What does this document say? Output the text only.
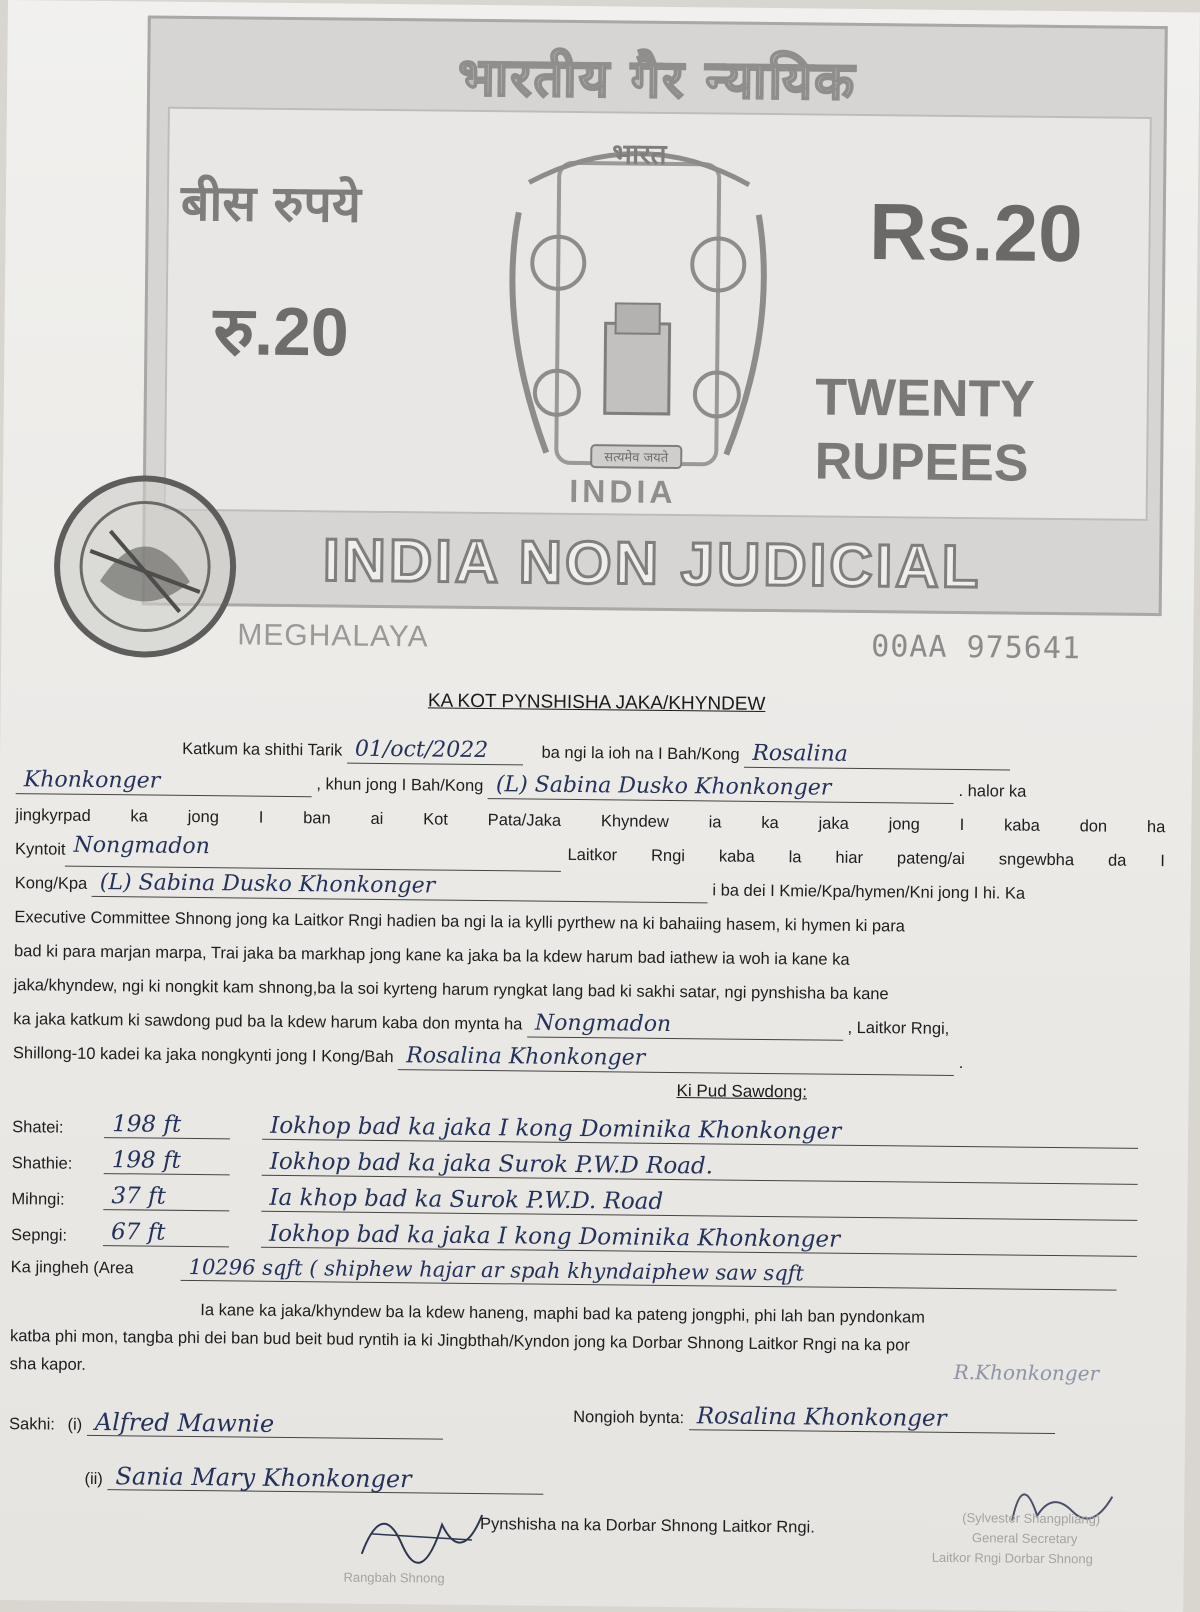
भारतीय गैर न्यायिक
बीस रुपये
रु.20
सत्यमेव जयते
भारत
INDIA
Rs.20
TWENTY
RUPEES
INDIA NON JUDICIAL
MEGHALAYA	00AA 975641
KA KOT PYNSHISHA JAKA/KHYNDEW
Katkum ka shithi Tarik 01/oct/2022	ba ngi la ioh na I Bah/Kong Rosalina
Khonkonger	, khun jong I Bah/Kong (L) Sabina Dusko Khonkonger	. halor ka
jingkyrpad ka jong I ban ai Kot Pata/Jaka Khyndew ia ka jaka jong I kaba don ha
Kyntoit Nongmadon	Laitkor Rngi kaba la hiar pateng/ai sngewbha da I
Kong/Kpa (L) Sabina Dusko Khonkonger	i ba dei I Kmie/Kpa/hymen/Kni jong I hi. Ka
Executive Committee Shnong jong ka Laitkor Rngi hadien ba ngi la ia kylli pyrthew na ki bahaiing hasem, ki hymen ki para
bad ki para marjan marpa, Trai jaka ba markhap jong kane ka jaka ba la kdew harum bad iathew ia woh ia kane ka
jaka/khyndew, ngi ki nongkit kam shnong,ba la soi kyrteng harum ryngkat lang bad ki sakhi satar, ngi pynshisha ba kane
ka jaka katkum ki sawdong pud ba la kdew harum kaba don mynta ha Nongmadon	, Laitkor Rngi,
Shillong-10 kadei ka jaka nongkynti jong I Kong/Bah Rosalina Khonkonger	.
Ki Pud Sawdong:
Shatei:	198 ft	Iokhop bad ka jaka I kong Dominika Khonkonger
Shathie:	198 ft	Iokhop bad ka jaka Surok P.W.D Road.
Mihngi:	37 ft	Ia khop bad ka Surok P.W.D. Road
Sepngi:	67 ft	Iokhop bad ka jaka I kong Dominika Khonkonger
Ka jingheh (Area	10296 sqft ( shiphew hajar ar spah khyndaiphew saw sqft
Ia kane ka jaka/khyndew ba la kdew haneng, maphi bad ka pateng jongphi, phi lah ban pyndonkam
katba phi mon, tangba phi dei ban bud beit bud ryntih ia ki Jingbthah/Kyndon jong ka Dorbar Shnong Laitkor Rngi na ka por
sha kapor.
Sakhi: (i) Alfred Mawnie	Nongioh bynta: Rosalina Khonkonger
R.Khonkonger
(ii) Sania Mary Khonkonger
Pynshisha na ka Dorbar Shnong Laitkor Rngi.	(Sylvester Shangpliang)
General Secretary
Laitkor Rngi Dorbar Shnong
Rangbah Shnong
